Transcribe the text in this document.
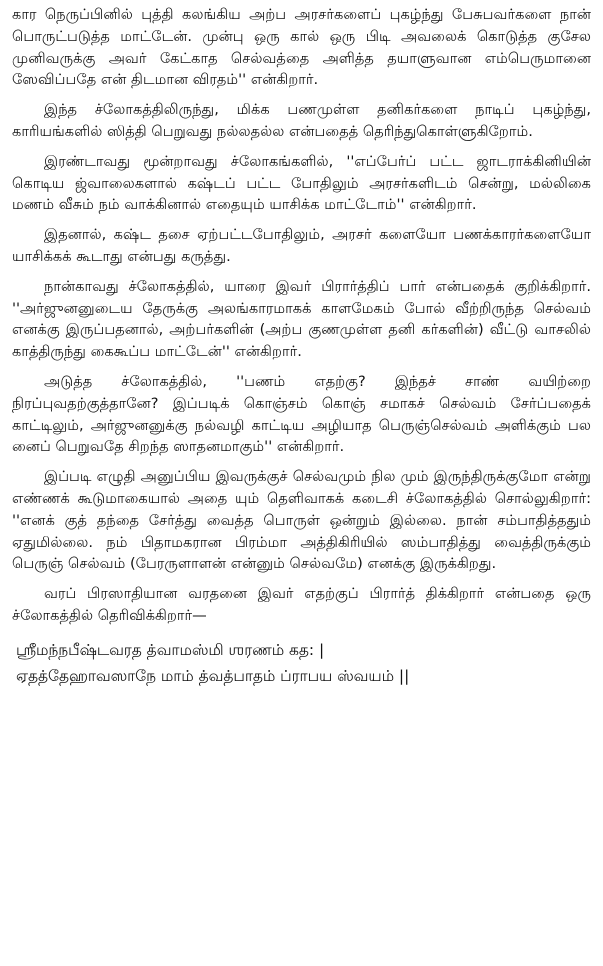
கார நெருப்பினில் புத்தி கலங்கிய அற்ப அரசர்களைப் புகழ்ந்து பேசுபவர்களை நான் பொருட்படுத்த மாட்டேன். முன்பு ஒரு கால் ஒரு பிடி அவலைக் கொடுத்த குசேல முனிவருக்கு அவர் கேட்காத செல்வத்தை அளித்த தயாளுவான எம்பெருமானை ஸேவிப்பதே என் திடமான விரதம்'' என்கிறார்.

இந்த ச்லோகத்திலிருந்து, மிக்க பணமுள்ள தனிகர்களை நாடிப் புகழ்ந்து, காரியங்களில் ஸித்தி பெறுவது நல்லதல்ல என்பதைத் தெரிந்துகொள்ளுகிறோம்.

இரண்டாவது மூன்றாவது ச்லோகங்களில், ''எப்பேர்ப் பட்ட ஜாடராக்கினியின் கொடிய ஜ்வாலைகளால் கஷ்டப் பட்ட போதிலும் அரசர்களிடம் சென்று, மல்லிகை மணம் வீசும் நம் வாக்கினால் எதையும் யாசிக்க மாட்டோம்'' என்கிறார்.

இதனால், கஷ்ட தசை ஏற்பட்டபோதிலும், அரசர் களையோ பணக்காரர்களையோ யாசிக்கக் கூடாது என்பது கருத்து.

நான்காவது ச்லோகத்தில், யாரை இவர் பிரார்த்திப் பார் என்பதைக் குறிக்கிறார். ''அர்ஜுனனுடைய தேருக்கு அலங்காரமாகக் காளமேகம் போல் வீற்றிருந்த செல்வம் எனக்கு இருப்பதனால், அற்பர்களின் (அற்ப குணமுள்ள தனி கர்களின்) வீட்டு வாசலில் காத்திருந்து கைகூப்ப மாட்டேன்'' என்கிறார்.

அடுத்த ச்லோகத்தில், ''பணம் எதற்கு? இந்தச் சாண் வயிற்றை நிரப்புவதற்குத்தானே? இப்படிக் கொஞ்சம் கொஞ் சமாகச் செல்வம் சேர்ப்பதைக் காட்டிலும், அர்ஜுனனுக்கு நல்வழி காட்டிய அழியாத பெருஞ்செல்வம் அளிக்கும் பல னைப் பெறுவதே சிறந்த ஸாதனமாகும்'' என்கிறார்.

இப்படி எழுதி அனுப்பிய இவருக்குச் செல்வமும் நில மும் இருந்திருக்குமோ என்று எண்ணக் கூடுமாகையால் அதை யும் தெளிவாகக் கடைசி ச்லோகத்தில் சொல்லுகிறார்: ''எனக் குத் தந்தை சேர்த்து வைத்த பொருள் ஒன்றும் இல்லை. நான் சம்பாதித்ததும் ஏதுமில்லை. நம் பிதாமகரான பிரம்மா அத்திகிரியில் ஸம்பாதித்து வைத்திருக்கும் பெருஞ் செல்வம் (பேரருளாளன் என்னும் செல்வமே) எனக்கு இருக்கிறது.

வரப் பிரஸாதியான வரதனை இவர் எதற்குப் பிரார்த் திக்கிறார் என்பதை ஒரு ச்லோகத்தில் தெரிவிக்கிறார்—

ஸ்ரீமந்நபீஷ்டவரத த்வாமஸ்மி ஶரணம் கத: |
ஏதத்தேஹாவஸாநே மாம் த்வத்பாதம் ப்ராபய ஸ்வயம் ||
